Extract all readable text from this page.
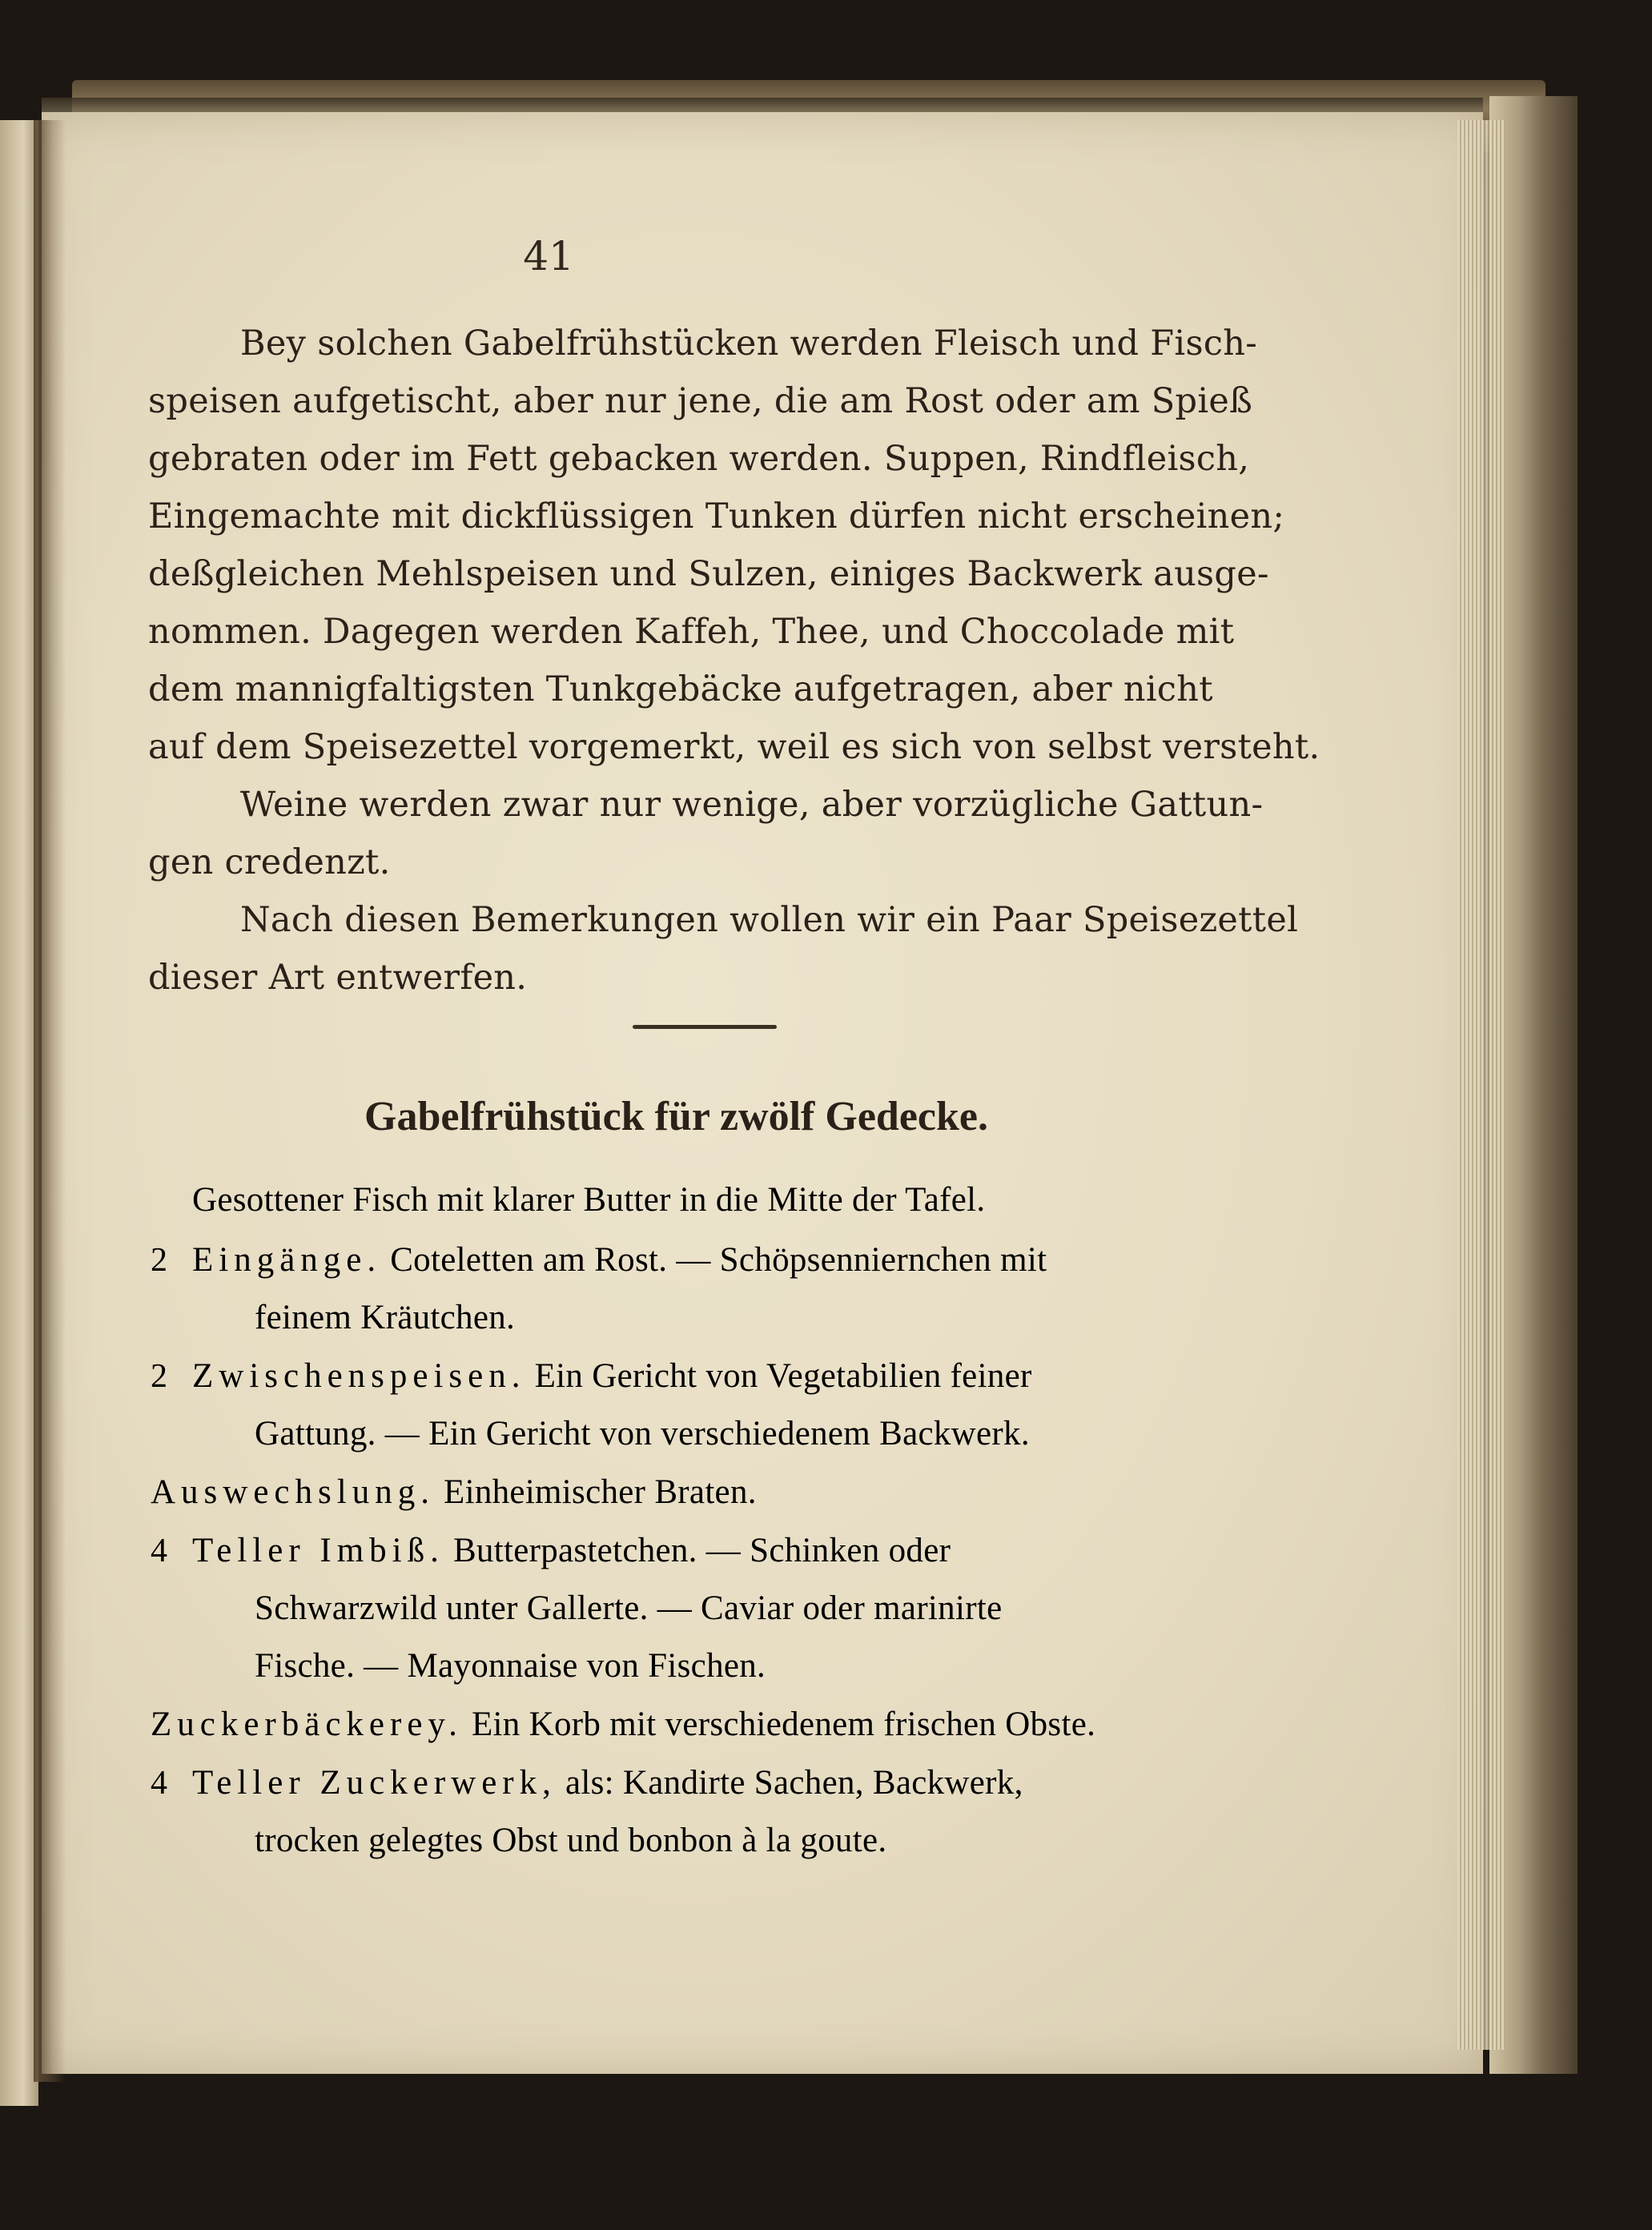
41
Bey solchen Gabelfrühstücken werden Fleisch und Fisch-
speisen aufgetischt, aber nur jene, die am Rost oder am Spieß
gebraten oder im Fett gebacken werden. Suppen, Rindfleisch,
Eingemachte mit dickflüssigen Tunken dürfen nicht erscheinen;
deßgleichen Mehlspeisen und Sulzen, einiges Backwerk ausge-
nommen. Dagegen werden Kaffeh, Thee, und Choccolade mit
dem mannigfaltigsten Tunkgebäcke aufgetragen, aber nicht
auf dem Speisezettel vorgemerkt, weil es sich von selbst versteht.
Weine werden zwar nur wenige, aber vorzügliche Gattun-
gen credenzt.
Nach diesen Bemerkungen wollen wir ein Paar Speisezettel
dieser Art entwerfen.
Gabelfrühstück für zwölf Gedecke.
Gesottener Fisch mit klarer Butter in die Mitte der Tafel.
2 Eingänge. Coteletten am Rost. — Schöpsenniernchen mit
feinem Kräutchen.
2 Zwischenspeisen. Ein Gericht von Vegetabilien feiner
Gattung. — Ein Gericht von verschiedenem Backwerk.
Auswechslung. Einheimischer Braten.
4 Teller Imbiß. Butterpastetchen. — Schinken oder
Schwarzwild unter Gallerte. — Caviar oder marinirte
Fische. — Mayonnaise von Fischen.
Zuckerbäckerey. Ein Korb mit verschiedenem frischen Obste.
4 Teller Zuckerwerk, als: Kandirte Sachen, Backwerk,
trocken gelegtes Obst und bonbon à la goute.
